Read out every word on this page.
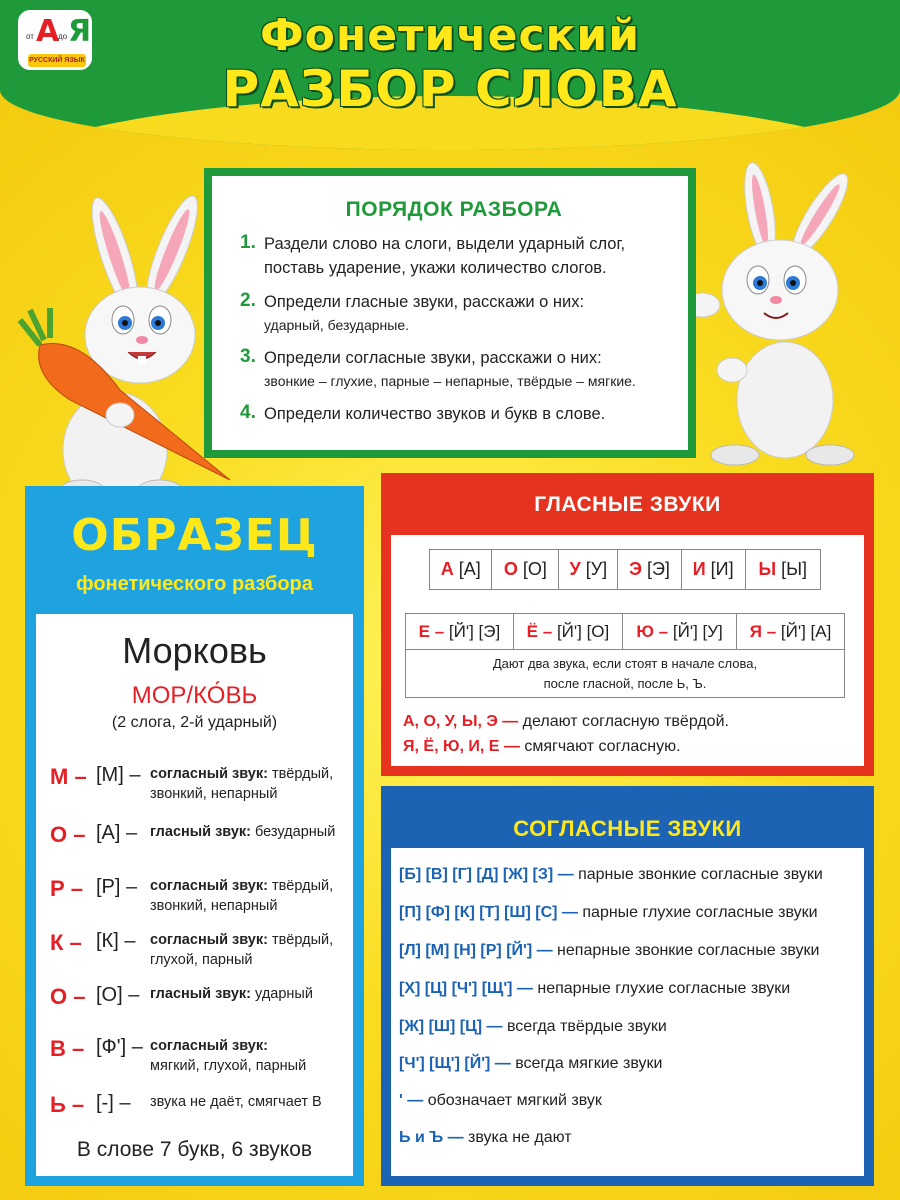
Фонетический
РАЗБОР СЛОВА
от А
до Я
РУССКИЙ ЯЗЫК
ПОРЯДОК РАЗБОРА
1. Раздели слово на слоги, выдели ударный слог, поставь ударение, укажи количество слогов.
2. Определи гласные звуки, расскажи о них:
ударный, безударные.
3. Определи согласные звуки, расскажи о них:
звонкие – глухие, парные – непарные, твёрдые – мягкие.
4. Определи количество звуков и букв в слове.
ОБРАЗЕЦ
фонетического разбора
Морковь
МОР/КО́ВЬ
(2 слога, 2-й ударный)
М – [М] – согласный звук: твёрдый, звонкий, непарный
О – [А] – гласный звук: безударный
Р – [Р] – согласный звук: твёрдый, звонкий, непарный
К – [К] –	согласный звук: твёрдый, глухой, парный
О – [О] – гласный звук: ударный
В – [Ф'] – согласный звук:
мягкий, глухой, парный
Ь – [-] –	звука не даёт, смягчает В
В слове 7 букв, 6 звуков
ГЛАСНЫЕ ЗВУКИ
А [А]	О [О]	У [У]	Э [Э]	И [И]	Ы [Ы]
Е – [Й'] [Э]	Ё – [Й'] [О]	Ю – [Й'] [У]	Я – [Й'] [А]
Дают два звука, если стоят в начале слова,
после гласной, после Ь, Ъ.
А, О, У, Ы, Э — делают согласную твёрдой.
Я, Ё, Ю, И, Е — смягчают согласную.
СОГЛАСНЫЕ ЗВУКИ
[Б] [В] [Г] [Д] [Ж] [З] — парные звонкие согласные звуки
[П] [Ф] [К] [Т] [Ш] [С] — парные глухие согласные звуки
[Л] [М] [Н] [Р] [Й'] — непарные звонкие согласные звуки
[Х] [Ц] [Ч'] [Щ'] — непарные глухие согласные звуки
[Ж] [Ш] [Ц] — всегда твёрдые звуки
[Ч'] [Щ'] [Й'] — всегда мягкие звуки
' — обозначает мягкий звук
Ь и Ъ — звука не дают
